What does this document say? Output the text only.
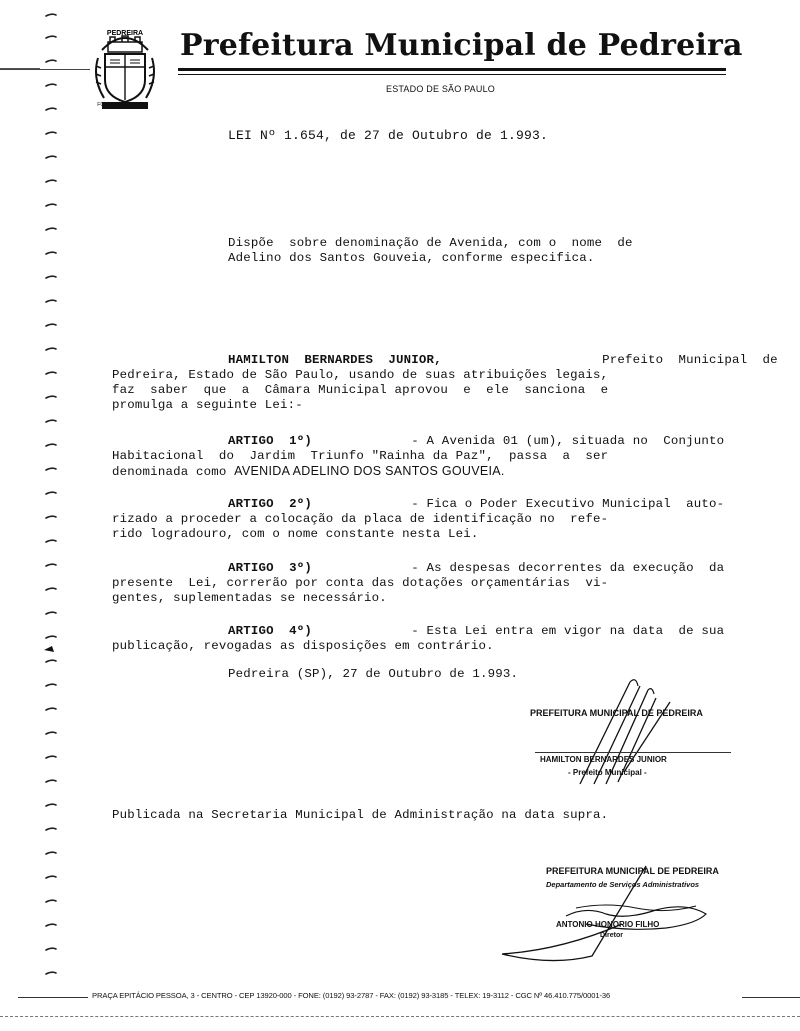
PEDREIRA
FONCELÁTIA
Prefeitura Municipal de Pedreira
ESTADO DE SÃO PAULO
LEI Nº 1.654, de 27 de Outubro de 1.993.
Dispõe  sobre denominação de Avenida, com o  nome  de
Adelino dos Santos Gouveia, conforme especifica.
HAMILTON  BERNARDES  JUNIOR,	Prefeito  Municipal  de
Pedreira, Estado de São Paulo, usando de suas atribuições legais,
faz  saber  que  a  Câmara Municipal aprovou  e  ele  sanciona  e
promulga a seguinte Lei:-
ARTIGO  1º)	- A Avenida 01 (um), situada no  Conjunto
Habitacional  do  Jardim  Triunfo "Rainha da Paz",  passa  a  ser
denominada como AVENIDA ADELINO DOS SANTOS GOUVEIA.
ARTIGO  2º)	- Fica o Poder Executivo Municipal  auto-
rizado a proceder a colocação da placa de identificação no  refe-
rido logradouro, com o nome constante nesta Lei.
ARTIGO  3º)	- As despesas decorrentes da execução  da
presente  Lei, correrão por conta das dotações orçamentárias  vi-
gentes, suplementadas se necessário.
ARTIGO  4º)	- Esta Lei entra em vigor na data  de sua
publicação, revogadas as disposições em contrário.
Pedreira (SP), 27 de Outubro de 1.993.
PREFEITURA MUNICIPAL DE PEDREIRA
HAMILTON BERNARDES JUNIOR
- Prefeito Municipal -
Publicada na Secretaria Municipal de Administração na data supra.
PREFEITURA MUNICIPAL DE PEDREIRA
Departamento de Serviços Administrativos
ANTONIO HONORIO FILHO
Diretor
PRAÇA EPITÁCIO PESSOA, 3 - CENTRO - CEP 13920-000 - FONE: (0192) 93-2787 - FAX: (0192) 93-3185 - TELEX: 19-3112 - CGC Nº 46.410.775/0001-36
